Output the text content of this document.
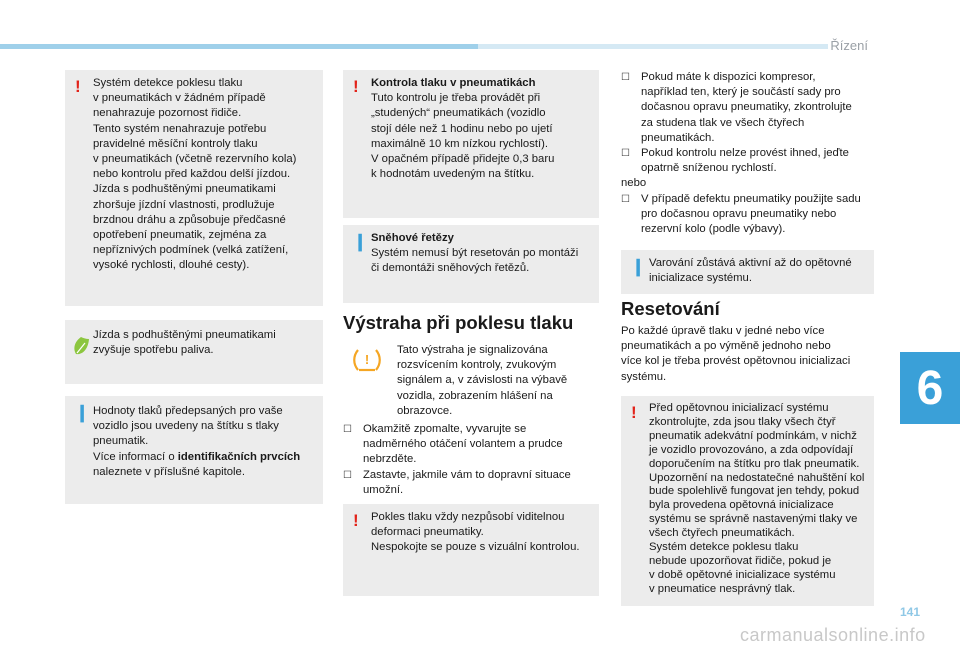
Řízení
6
141
carmanualsonline.info
! Systém detekce poklesu tlaku
v pneumatikách v žádném případě
nenahrazuje pozornost řidiče.
Tento systém nenahrazuje potřebu
pravidelné měsíční kontroly tlaku
v pneumatikách (včetně rezervního kola)
nebo kontrolu před každou delší jízdou.
Jízda s podhuštěnými pneumatikami
zhoršuje jízdní vlastnosti, prodlužuje
brzdnou dráhu a způsobuje předčasné
opotřebení pneumatik, zejména za
nepříznivých podmínek (velká zatížení,
vysoké rychlosti, dlouhé cesty).
Jízda s podhuštěnými pneumatikami
zvyšuje spotřebu paliva.
❙ Hodnoty tlaků předepsaných pro vaše
vozidlo jsou uvedeny na štítku s tlaky
pneumatik.
Více informací o identifikačních prvcích
naleznete v příslušné kapitole.
! Kontrola tlaku v pneumatikách
Tuto kontrolu je třeba provádět při
„studených“ pneumatikách (vozidlo
stojí déle než 1 hodinu nebo po ujetí
maximálně 10 km nízkou rychlostí).
V opačném případě přidejte 0,3 baru
k hodnotám uvedeným na štítku.
❙ Sněhové řetězy
Systém nemusí být resetován po montáži
či demontáži sněhových řetězů.
Výstraha při poklesu tlaku
!
Tato výstraha je signalizována
rozsvícením kontroly, zvukovým
signálem a, v závislosti na výbavě
vozidla, zobrazením hlášení na
obrazovce.
☐ Okamžitě zpomalte, vyvarujte se
nadměrného otáčení volantem a prudce
nebrzděte.
☐ Zastavte, jakmile vám to dopravní situace
umožní.
! Pokles tlaku vždy nezpůsobí viditelnou
deformaci pneumatiky.
Nespokojte se pouze s vizuální kontrolou.
☐ Pokud máte k dispozici kompresor,
například ten, který je součástí sady pro
dočasnou opravu pneumatiky, zkontrolujte
za studena tlak ve všech čtyřech
pneumatikách.
☐ Pokud kontrolu nelze provést ihned, jeďte
opatrně sníženou rychlostí.
nebo
☐ V případě defektu pneumatiky použijte sadu
pro dočasnou opravu pneumatiky nebo
rezervní kolo (podle výbavy).
❙ Varování zůstává aktivní až do opětovné
inicializace systému.
Resetování
Po každé úpravě tlaku v jedné nebo více
pneumatikách a po výměně jednoho nebo
více kol je třeba provést opětovnou inicializaci
systému.
! Před opětovnou inicializací systému
zkontrolujte, zda jsou tlaky všech čtyř
pneumatik adekvátní podmínkám, v nichž
je vozidlo provozováno, a zda odpovídají
doporučením na štítku pro tlak pneumatik.
Upozornění na nedostatečné nahuštění kol
bude spolehlivě fungovat jen tehdy, pokud
byla provedena opětovná inicializace
systému se správně nastavenými tlaky ve
všech čtyřech pneumatikách.
Systém detekce poklesu tlaku
nebude upozorňovat řidiče, pokud je
v době opětovné inicializace systému
v pneumatice nesprávný tlak.
